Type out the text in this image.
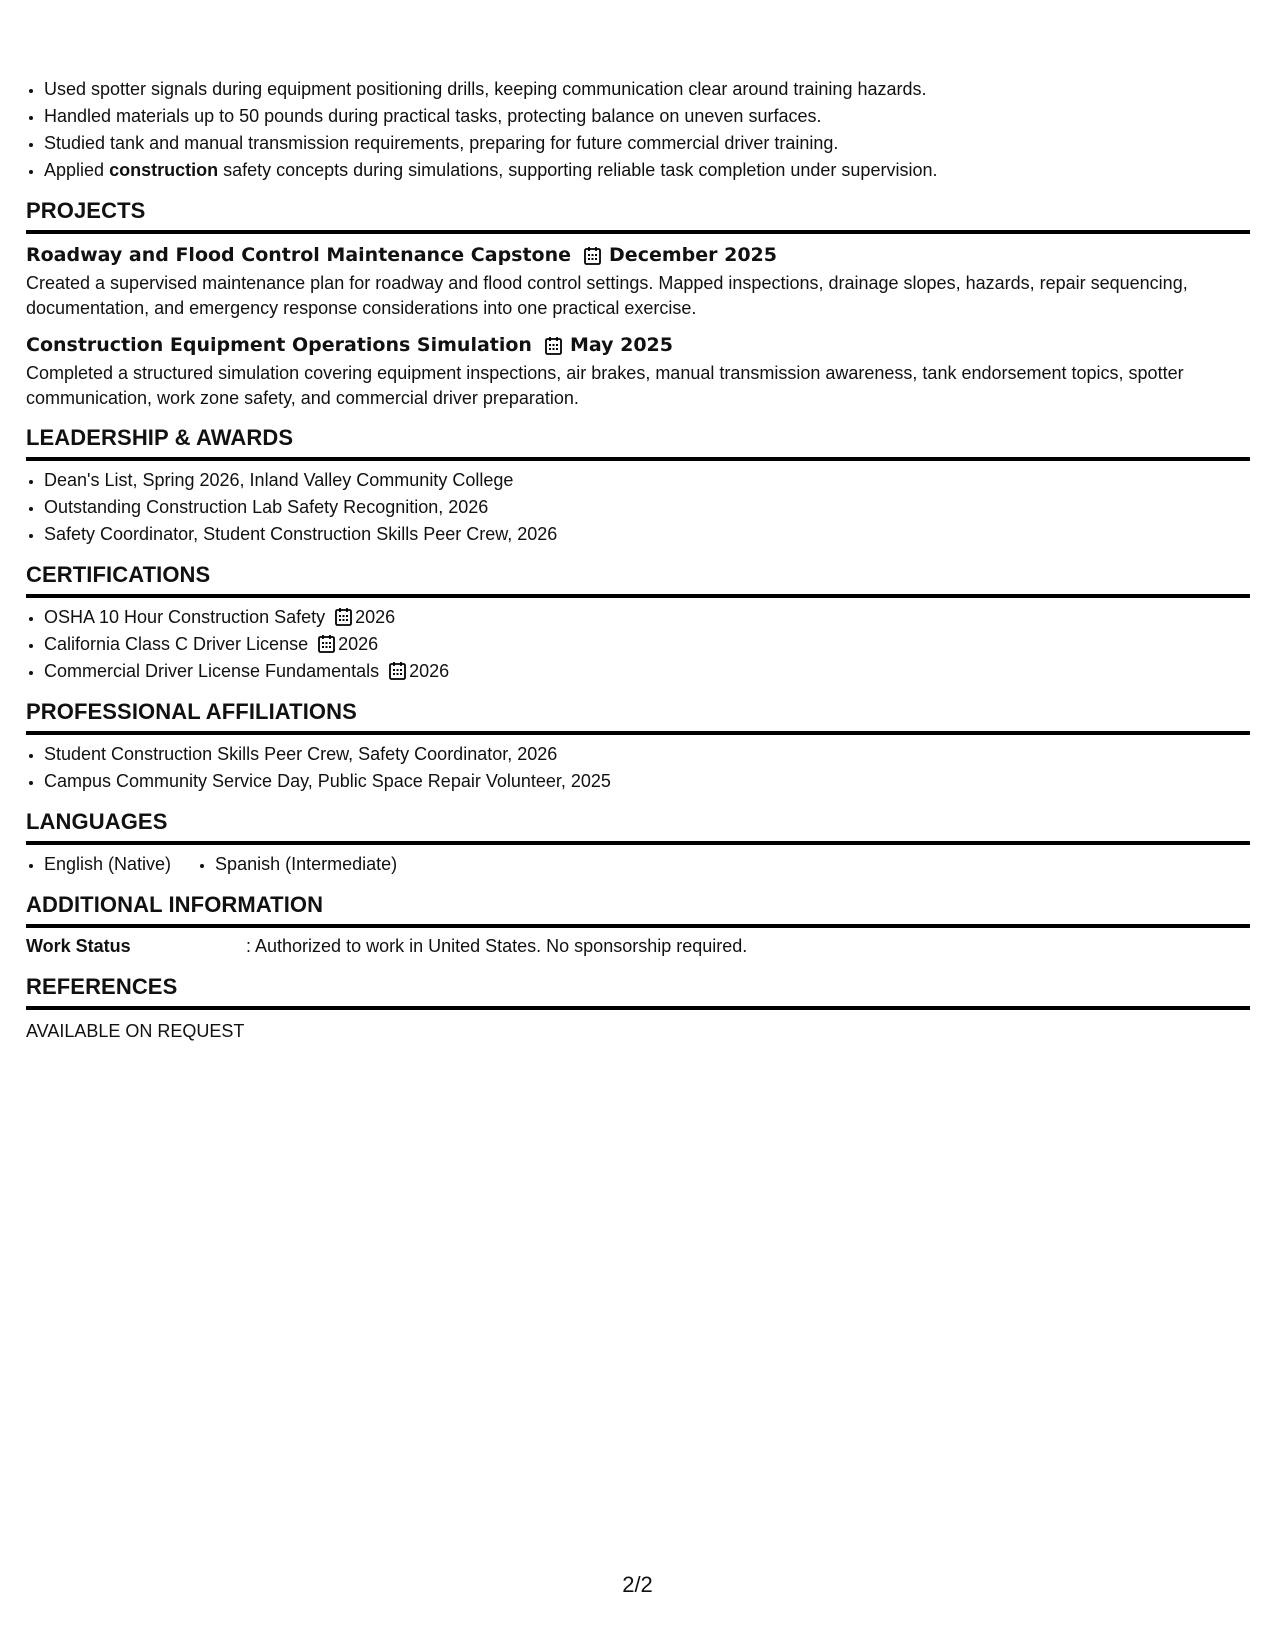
• Used spotter signals during equipment positioning drills, keeping communication clear around training hazards.
• Handled materials up to 50 pounds during practical tasks, protecting balance on uneven surfaces.
• Studied tank and manual transmission requirements, preparing for future commercial driver training.
• Applied construction safety concepts during simulations, supporting reliable task completion under supervision.
PROJECTS
Roadway and Flood Control Maintenance Capstone December 2025
Created a supervised maintenance plan for roadway and flood control settings. Mapped inspections, drainage slopes, hazards, repair sequencing, documentation, and emergency response considerations into one practical exercise.
Construction Equipment Operations Simulation May 2025
Completed a structured simulation covering equipment inspections, air brakes, manual transmission awareness, tank endorsement topics, spotter communication, work zone safety, and commercial driver preparation.
LEADERSHIP & AWARDS
• Dean's List, Spring 2026, Inland Valley Community College
• Outstanding Construction Lab Safety Recognition, 2026
• Safety Coordinator, Student Construction Skills Peer Crew, 2026
CERTIFICATIONS
• OSHA 10 Hour Construction Safety 2026
• California Class C Driver License 2026
• Commercial Driver License Fundamentals 2026
PROFESSIONAL AFFILIATIONS
• Student Construction Skills Peer Crew, Safety Coordinator, 2026
• Campus Community Service Day, Public Space Repair Volunteer, 2025
LANGUAGES
• English (Native)
• Spanish (Intermediate)
ADDITIONAL INFORMATION
Work Status	: Authorized to work in United States. No sponsorship required.
REFERENCES
AVAILABLE ON REQUEST
2/2
